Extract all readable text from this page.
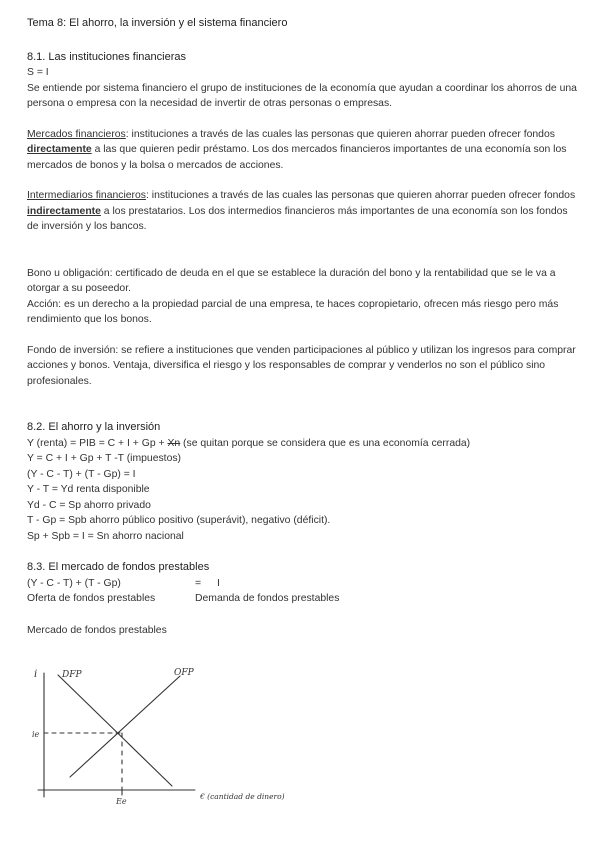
Tema 8: El ahorro, la inversión y el sistema financiero

8.1. Las instituciones financieras

S = I

Se entiende por sistema financiero el grupo de instituciones de la economía que ayudan a coordinar los ahorros de una persona o empresa con la necesidad de invertir de otras personas o empresas.

Mercados financieros: instituciones a través de las cuales las personas que quieren ahorrar pueden ofrecer fondos directamente a las que quieren pedir préstamo. Los dos mercados financieros importantes de una economía son los mercados de bonos y la bolsa o mercados de acciones.

Intermediarios financieros: instituciones a través de las cuales las personas que quieren ahorrar pueden ofrecer fondos indirectamente a los prestatarios. Los dos intermedios financieros más importantes de una economía son los fondos de inversión y los bancos.

Bono u obligación: certificado de deuda en el que se establece la duración del bono y la rentabilidad que se le va a otorgar a su poseedor.

Acción: es un derecho a la propiedad parcial de una empresa, te haces copropietario, ofrecen más riesgo pero más rendimiento que los bonos.

Fondo de inversión: se refiere a instituciones que venden participaciones al público y utilizan los ingresos para comprar acciones y bonos. Ventaja, diversifica el riesgo y los responsables de comprar y venderlos no son el público sino profesionales.

8.2. El ahorro y la inversión

Y (renta) = PIB = C + I + Gp + Xn (se quitan porque se considera que es una economía cerrada)

Y = C + I + Gp + T -T (impuestos)

(Y - C - T) + (T - Gp) = I

Y - T = Yd renta disponible

Yd - C = Sp ahorro privado

T - Gp = Spb ahorro público positivo (superávit), negativo (déficit).

Sp + Spb = I = Sn ahorro nacional

8.3. El mercado de fondos prestables

(Y - C - T) + (T - Gp)	=	I
Oferta de fondos prestables	Demanda de fondos prestables

Mercado de fondos prestables

i	DFP	OFP
ie
Ee
€ (cantidad de dinero)
